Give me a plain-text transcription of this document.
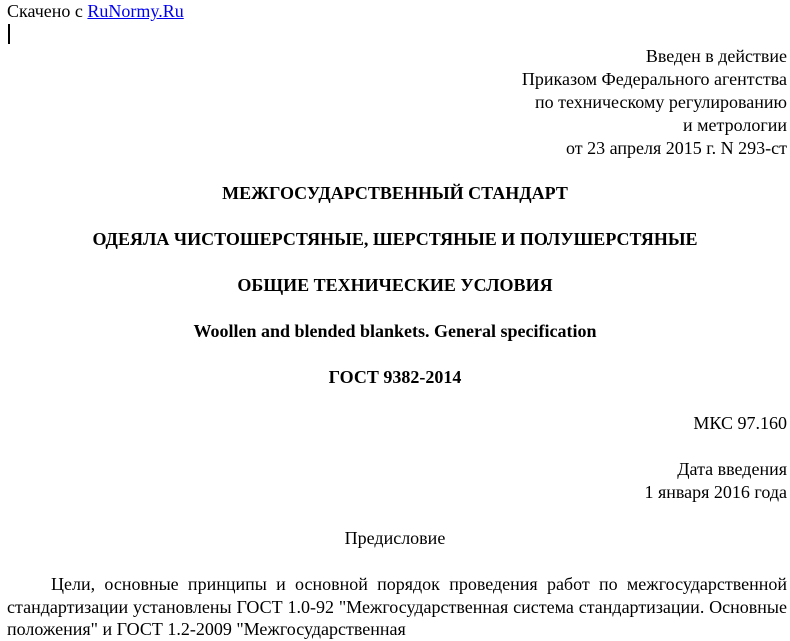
Скачено с RuNormy.Ru
Введен в действие
Приказом Федерального агентства
по техническому регулированию
и метрологии
от 23 апреля 2015 г. N 293-ст
МЕЖГОСУДАРСТВЕННЫЙ СТАНДАРТ
ОДЕЯЛА ЧИСТОШЕРСТЯНЫЕ, ШЕРСТЯНЫЕ И ПОЛУШЕРСТЯНЫЕ
ОБЩИЕ ТЕХНИЧЕСКИЕ УСЛОВИЯ
Woollen and blended blankets. General specification
ГОСТ 9382-2014
МКС 97.160
Дата введения
1 января 2016 года
Предисловие
Цели, основные принципы и основной порядок проведения работ по межгосударственной стандартизации установлены ГОСТ 1.0-92 "Межгосударственная система стандартизации. Основные положения" и ГОСТ 1.2-2009 "Межгосударственная
